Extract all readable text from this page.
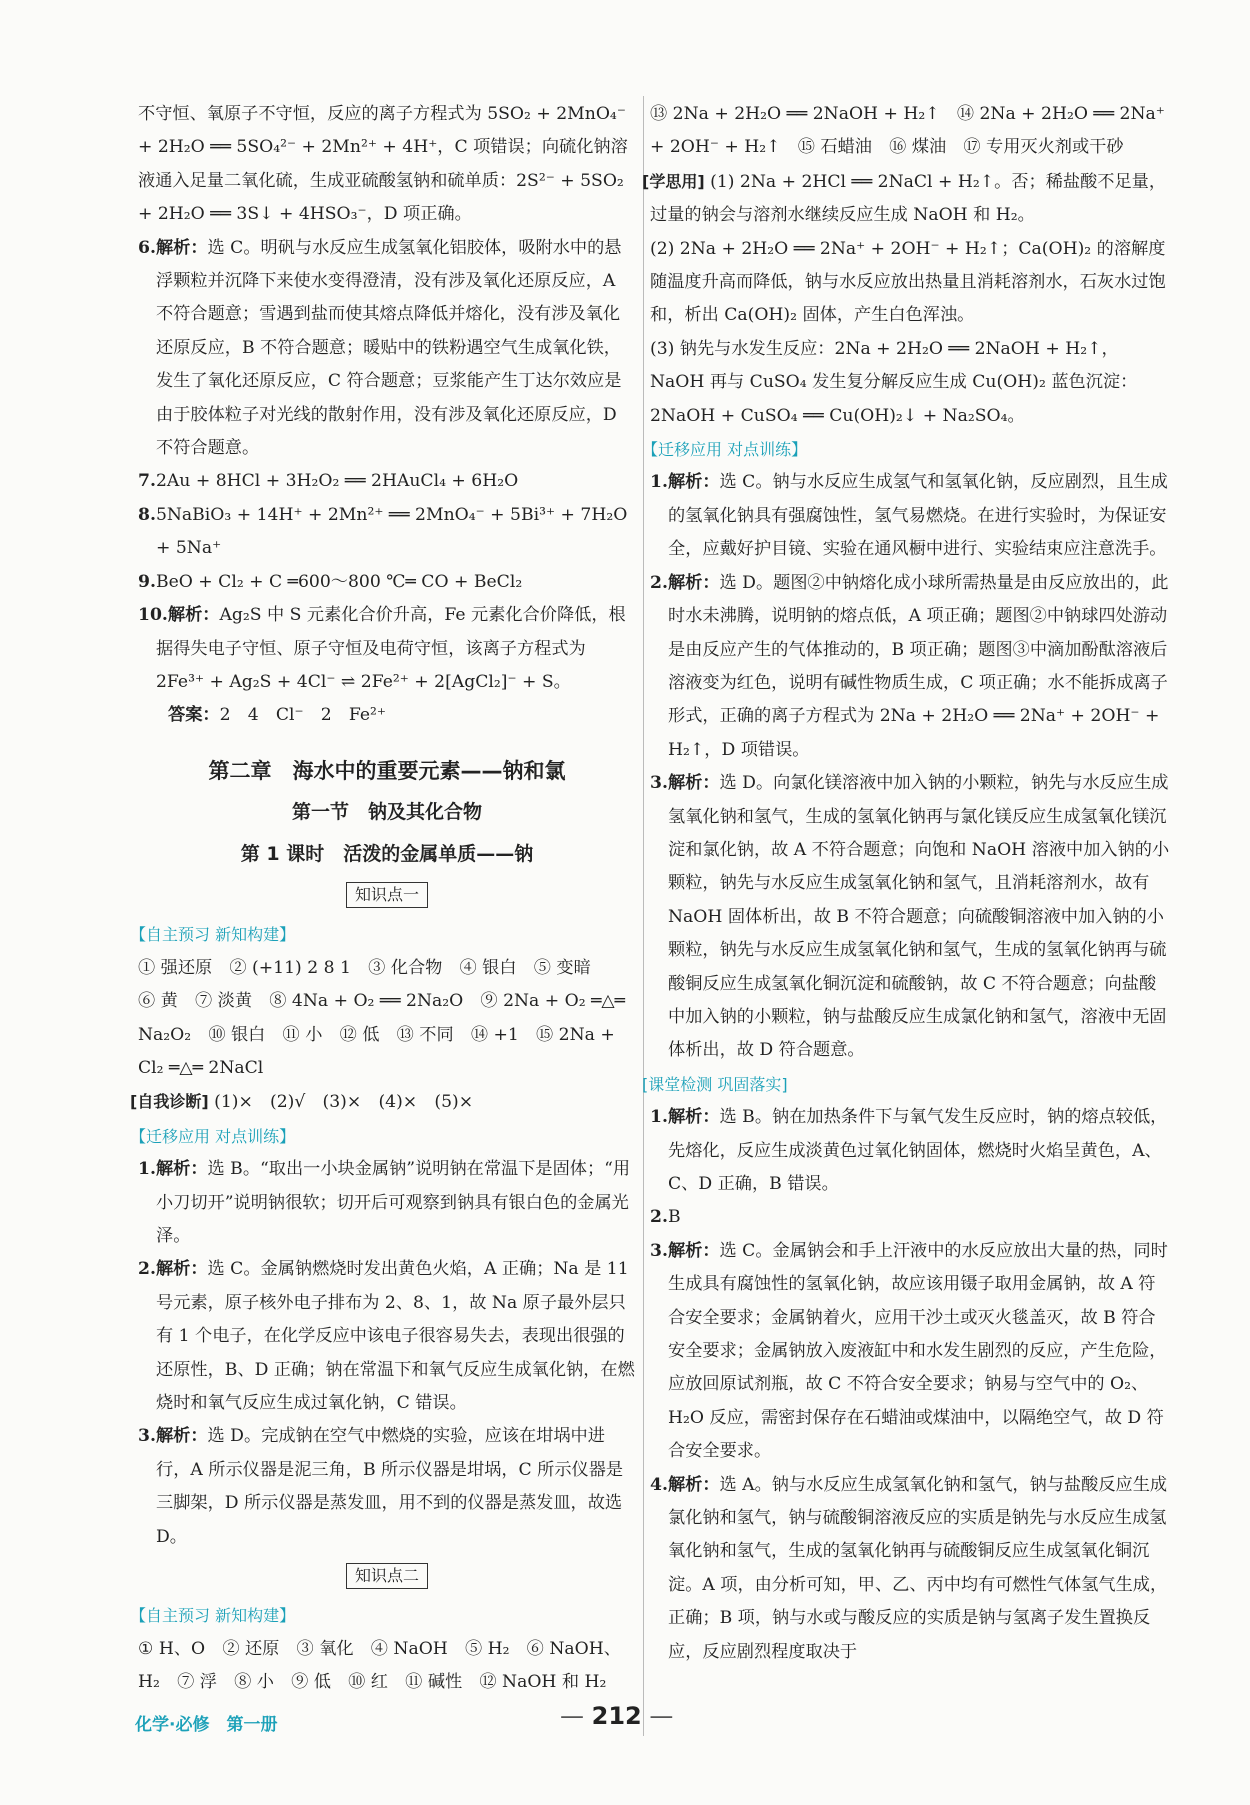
不守恒、氧原子不守恒，反应的离子方程式为 5SO₂ + 2MnO₄⁻ + 2H₂O ══ 5SO₄²⁻ + 2Mn²⁺ + 4H⁺，C 项错误；向硫化钠溶液通入足量二氧化硫，生成亚硫酸氢钠和硫单质：2S²⁻ + 5SO₂ + 2H₂O ══ 3S↓ + 4HSO₃⁻，D 项正确。

6.解析：选 C。明矾与水反应生成氢氧化铝胶体，吸附水中的悬浮颗粒并沉降下来使水变得澄清，没有涉及氧化还原反应，A 不符合题意；雪遇到盐而使其熔点降低并熔化，没有涉及氧化还原反应，B 不符合题意；暖贴中的铁粉遇空气生成氧化铁，发生了氧化还原反应，C 符合题意；豆浆能产生丁达尔效应是由于胶体粒子对光线的散射作用，没有涉及氧化还原反应，D 不符合题意。

7.2Au + 8HCl + 3H₂O₂ ══ 2HAuCl₄ + 6H₂O

8.5NaBiO₃ + 14H⁺ + 2Mn²⁺ ══ 2MnO₄⁻ + 5Bi³⁺ + 7H₂O + 5Na⁺

9.BeO + Cl₂ + C ═600～800 ℃═ CO + BeCl₂

10.解析：Ag₂S 中 S 元素化合价升高，Fe 元素化合价降低，根据得失电子守恒、原子守恒及电荷守恒，该离子方程式为 2Fe³⁺ + Ag₂S + 4Cl⁻ ⇌ 2Fe²⁺ + 2[AgCl₂]⁻ + S。

答案：2　4　Cl⁻　2　Fe²⁺

第二章　海水中的重要元素——钠和氯
第一节　钠及其化合物
第 1 课时　活泼的金属单质——钠
知识点一

【自主预习 新知构建】

① 强还原　② (+11) 2 8 1　③ 化合物　④ 银白　⑤ 变暗

⑥ 黄　⑦ 淡黄　⑧ 4Na + O₂ ══ 2Na₂O　⑨ 2Na + O₂ ═△═ Na₂O₂　⑩ 银白　⑪ 小　⑫ 低　⑬ 不同　⑭ +1　⑮ 2Na + Cl₂ ═△═ 2NaCl

[自我诊断] (1)×　(2)√　(3)×　(4)×　(5)×

【迁移应用 对点训练】

1.解析：选 B。“取出一小块金属钠”说明钠在常温下是固体；“用小刀切开”说明钠很软；切开后可观察到钠具有银白色的金属光泽。

2.解析：选 C。金属钠燃烧时发出黄色火焰，A 正确；Na 是 11 号元素，原子核外电子排布为 2、8、1，故 Na 原子最外层只有 1 个电子，在化学反应中该电子很容易失去，表现出很强的还原性，B、D 正确；钠在常温下和氧气反应生成氧化钠，在燃烧时和氧气反应生成过氧化钠，C 错误。

3.解析：选 D。完成钠在空气中燃烧的实验，应该在坩埚中进行，A 所示仪器是泥三角，B 所示仪器是坩埚，C 所示仪器是三脚架，D 所示仪器是蒸发皿，用不到的仪器是蒸发皿，故选 D。

知识点二

【自主预习 新知构建】

① H、O　② 还原　③ 氧化　④ NaOH　⑤ H₂　⑥ NaOH、H₂　⑦ 浮　⑧ 小　⑨ 低　⑩ 红　⑪ 碱性　⑫ NaOH 和 H₂

⑬ 2Na + 2H₂O ══ 2NaOH + H₂↑　⑭ 2Na + 2H₂O ══ 2Na⁺ + 2OH⁻ + H₂↑　⑮ 石蜡油　⑯ 煤油　⑰ 专用灭火剂或干砂

[学思用] (1) 2Na + 2HCl ══ 2NaCl + H₂↑。否；稀盐酸不足量，过量的钠会与溶剂水继续反应生成 NaOH 和 H₂。

(2) 2Na + 2H₂O ══ 2Na⁺ + 2OH⁻ + H₂↑；Ca(OH)₂ 的溶解度随温度升高而降低，钠与水反应放出热量且消耗溶剂水，石灰水过饱和，析出 Ca(OH)₂ 固体，产生白色浑浊。

(3) 钠先与水发生反应：2Na + 2H₂O ══ 2NaOH + H₂↑，NaOH 再与 CuSO₄ 发生复分解反应生成 Cu(OH)₂ 蓝色沉淀：2NaOH + CuSO₄ ══ Cu(OH)₂↓ + Na₂SO₄。

【迁移应用 对点训练】

1.解析：选 C。钠与水反应生成氢气和氢氧化钠，反应剧烈，且生成的氢氧化钠具有强腐蚀性，氢气易燃烧。在进行实验时，为保证安全，应戴好护目镜、实验在通风橱中进行、实验结束应注意洗手。

2.解析：选 D。题图②中钠熔化成小球所需热量是由反应放出的，此时水未沸腾，说明钠的熔点低，A 项正确；题图②中钠球四处游动是由反应产生的气体推动的，B 项正确；题图③中滴加酚酞溶液后溶液变为红色，说明有碱性物质生成，C 项正确；水不能拆成离子形式，正确的离子方程式为 2Na + 2H₂O ══ 2Na⁺ + 2OH⁻ + H₂↑，D 项错误。

3.解析：选 D。向氯化镁溶液中加入钠的小颗粒，钠先与水反应生成氢氧化钠和氢气，生成的氢氧化钠再与氯化镁反应生成氢氧化镁沉淀和氯化钠，故 A 不符合题意；向饱和 NaOH 溶液中加入钠的小颗粒，钠先与水反应生成氢氧化钠和氢气，且消耗溶剂水，故有 NaOH 固体析出，故 B 不符合题意；向硫酸铜溶液中加入钠的小颗粒，钠先与水反应生成氢氧化钠和氢气，生成的氢氧化钠再与硫酸铜反应生成氢氧化铜沉淀和硫酸钠，故 C 不符合题意；向盐酸中加入钠的小颗粒，钠与盐酸反应生成氯化钠和氢气，溶液中无固体析出，故 D 符合题意。

[课堂检测 巩固落实]

1.解析：选 B。钠在加热条件下与氧气发生反应时，钠的熔点较低，先熔化，反应生成淡黄色过氧化钠固体，燃烧时火焰呈黄色，A、C、D 正确，B 错误。

2.B

3.解析：选 C。金属钠会和手上汗液中的水反应放出大量的热，同时生成具有腐蚀性的氢氧化钠，故应该用镊子取用金属钠，故 A 符合安全要求；金属钠着火，应用干沙土或灭火毯盖灭，故 B 符合安全要求；金属钠放入废液缸中和水发生剧烈的反应，产生危险，应放回原试剂瓶，故 C 不符合安全要求；钠易与空气中的 O₂、H₂O 反应，需密封保存在石蜡油或煤油中，以隔绝空气，故 D 符合安全要求。

4.解析：选 A。钠与水反应生成氢氧化钠和氢气，钠与盐酸反应生成氯化钠和氢气，钠与硫酸铜溶液反应的实质是钠先与水反应生成氢氧化钠和氢气，生成的氢氧化钠再与硫酸铜反应生成氢氧化铜沉淀。A 项，由分析可知，甲、乙、丙中均有可燃性气体氢气生成，正确；B 项，钠与水或与酸反应的实质是钠与氢离子发生置换反应，反应剧烈程度取决于

化学·必修　第一册	— 212 —
